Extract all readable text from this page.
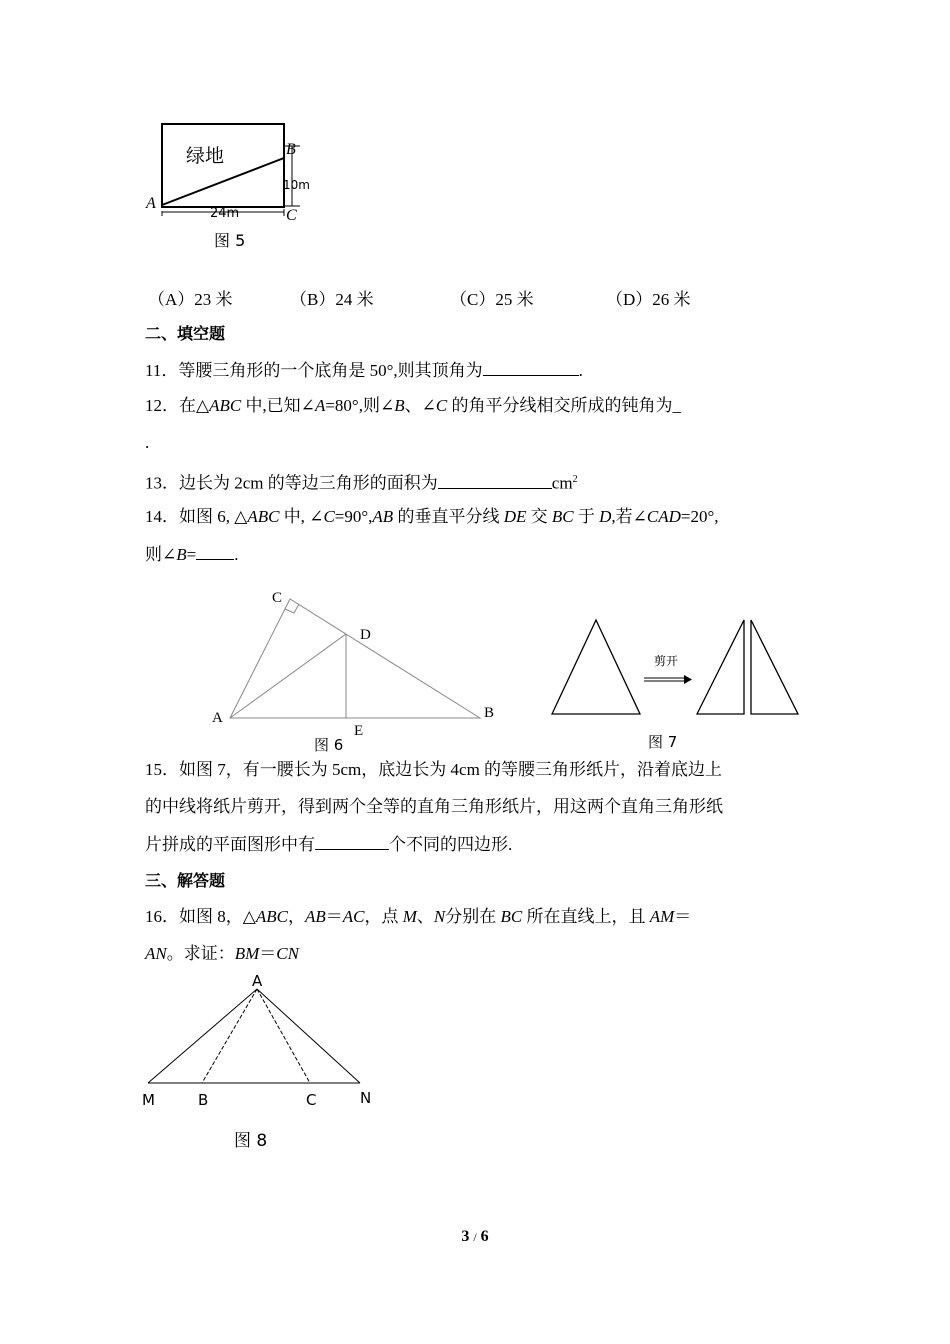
绿地
A
B
C
10m
24m
图 5
（A）23 米	（B）24 米	（C）25 米	（D）26 米
二、填空题
11．等腰三角形的一个底角是 50°,则其顶角为	.
12．在△ABC 中,已知∠A=80°,则∠B、∠C 的角平分线相交所成的钝角为_
.
13．边长为 2cm 的等边三角形的面积为	$cm^2$
14．如图 6, △ABC 中, ∠C=90°,AB 的垂直平分线 DE 交 BC 于 D,若∠CAD=20°,
则∠B= .
C
D
A	B
E
图 6
剪开
图 7
15．如图 7，有一腰长为 5cm，底边长为 4cm 的等腰三角形纸片，沿着底边上
的中线将纸片剪开，得到两个全等的直角三角形纸片，用这两个直角三角形纸
片拼成的平面图形中有	个不同的四边形.
三、解答题
16．如图 8，△ABC，AB＝AC，点 M、N分别在 BC 所在直线上，且 AM＝
AN。求证：BM＝CN
A
M	B	C	N
图 8
3 / 6
